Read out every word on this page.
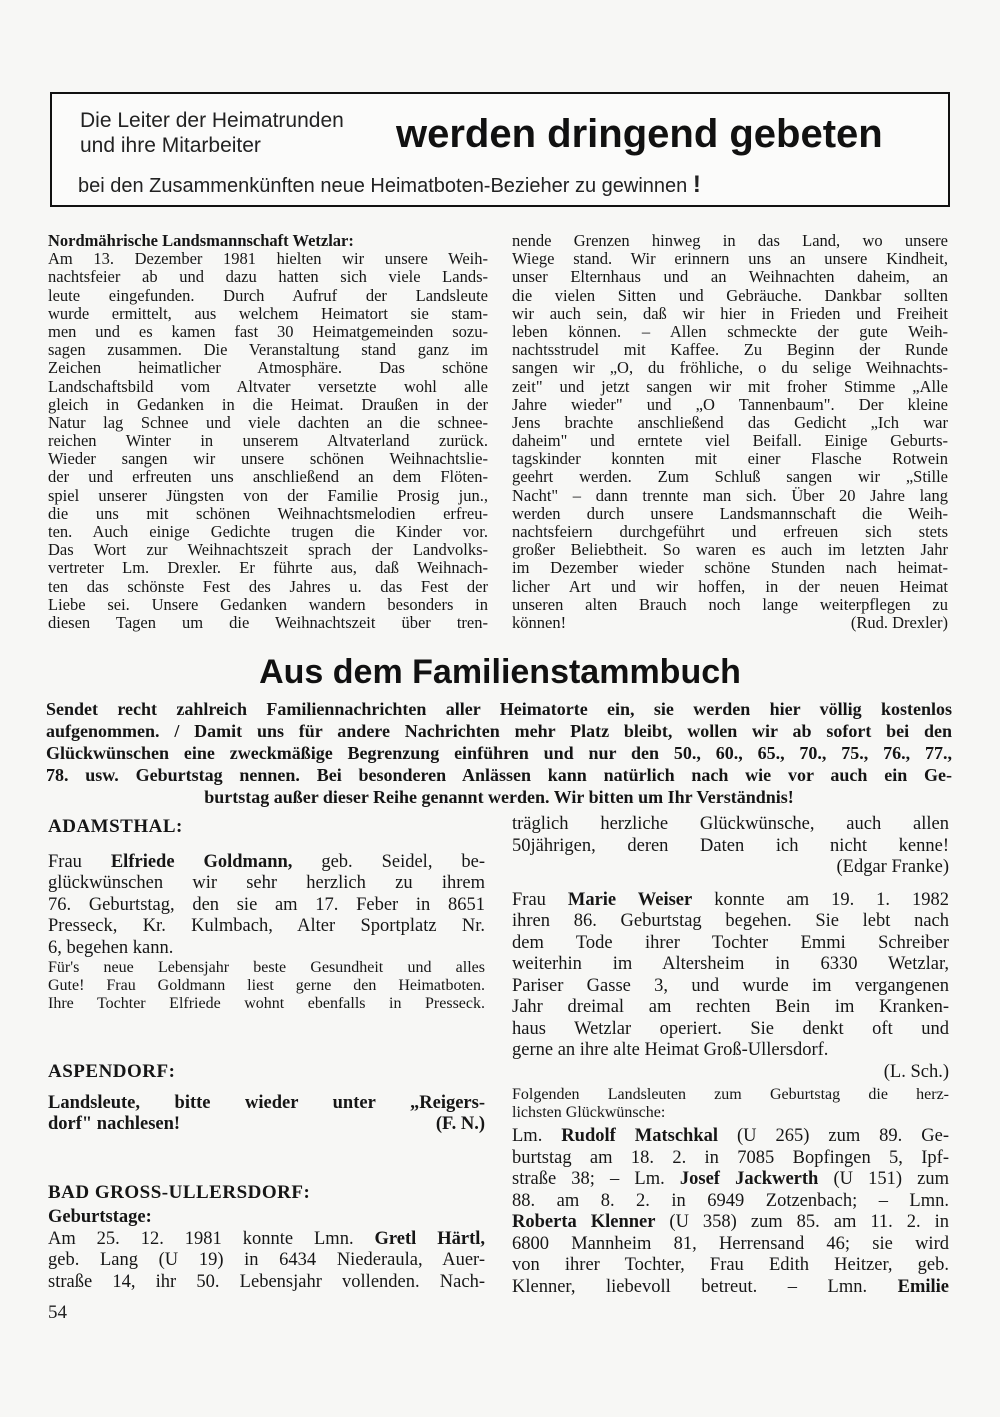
Die Leiter der Heimatrunden
und ihre Mitarbeiter	werden dringend gebeten
bei den Zusammenkünften neue Heimatboten-Bezieher zu gewinnen !
Nordmährische Landsmannschaft Wetzlar:
Am 13. Dezember 1981 hielten wir unsere Weih-
nachtsfeier ab und dazu hatten sich viele Lands-
leute eingefunden. Durch Aufruf der Landsleute
wurde ermittelt, aus welchem Heimatort sie stam-
men und es kamen fast 30 Heimatgemeinden sozu-
sagen zusammen. Die Veranstaltung stand ganz im
Zeichen heimatlicher Atmosphäre. Das schöne
Landschaftsbild vom Altvater versetzte wohl alle
gleich in Gedanken in die Heimat. Draußen in der
Natur lag Schnee und viele dachten an die schnee-
reichen Winter in unserem Altvaterland zurück.
Wieder sangen wir unsere schönen Weihnachtslie-
der und erfreuten uns anschließend an dem Flöten-
spiel unserer Jüngsten von der Familie Prosig jun.,
die uns mit schönen Weihnachtsmelodien erfreu-
ten. Auch einige Gedichte trugen die Kinder vor.
Das Wort zur Weihnachtszeit sprach der Landvolks-
vertreter Lm. Drexler. Er führte aus, daß Weihnach-
ten das schönste Fest des Jahres u. das Fest der
Liebe sei. Unsere Gedanken wandern besonders in
diesen Tagen um die Weihnachtszeit über tren-
nende Grenzen hinweg in das Land, wo unsere
Wiege stand. Wir erinnern uns an unsere Kindheit,
unser Elternhaus und an Weihnachten daheim, an
die vielen Sitten und Gebräuche. Dankbar sollten
wir auch sein, daß wir hier in Frieden und Freiheit
leben können. – Allen schmeckte der gute Weih-
nachtsstrudel mit Kaffee. Zu Beginn der Runde
sangen wir „O, du fröhliche, o du selige Weihnachts-
zeit" und jetzt sangen wir mit froher Stimme „Alle
Jahre wieder" und „O Tannenbaum". Der kleine
Jens brachte anschließend das Gedicht „Ich war
daheim" und erntete viel Beifall. Einige Geburts-
tagskinder konnten mit einer Flasche Rotwein
geehrt werden. Zum Schluß sangen wir „Stille
Nacht" – dann trennte man sich. Über 20 Jahre lang
werden durch unsere Landsmannschaft die Weih-
nachtsfeiern durchgeführt und erfreuen sich stets
großer Beliebtheit. So waren es auch im letzten Jahr
im Dezember wieder schöne Stunden nach heimat-
licher Art und wir hoffen, in der neuen Heimat
unseren alten Brauch noch lange weiterpflegen zu
können!	(Rud. Drexler)
Aus dem Familienstammbuch
Sendet recht zahlreich Familiennachrichten aller Heimatorte ein, sie werden hier völlig kostenlos
aufgenommen. / Damit uns für andere Nachrichten mehr Platz bleibt, wollen wir ab sofort bei den
Glückwünschen eine zweckmäßige Begrenzung einführen und nur den 50., 60., 65., 70., 75., 76., 77.,
78. usw. Geburtstag nennen. Bei besonderen Anlässen kann natürlich nach wie vor auch ein Ge-
burtstag außer dieser Reihe genannt werden. Wir bitten um Ihr Verständnis!
ADAMSTHAL:
Frau Elfriede Goldmann, geb. Seidel, be-
glückwünschen wir sehr herzlich zu ihrem
76. Geburtstag, den sie am 17. Feber in 8651
Presseck, Kr. Kulmbach, Alter Sportplatz Nr.
6, begehen kann.
Für's neue Lebensjahr beste Gesundheit und alles
Gute! Frau Goldmann liest gerne den Heimatboten.
Ihre Tochter Elfriede wohnt ebenfalls in Presseck.
ASPENDORF:
Landsleute, bitte wieder unter „Reigers-
dorf" nachlesen!	(F. N.)
BAD GROSS-ULLERSDORF:
Geburtstage:
Am 25. 12. 1981 konnte Lmn. Gretl Härtl,
geb. Lang (U 19) in 6434 Niederaula, Auer-
straße 14, ihr 50. Lebensjahr vollenden. Nach-
träglich herzliche Glückwünsche, auch allen
50jährigen, deren Daten ich nicht kenne!
(Edgar Franke)
Frau Marie Weiser konnte am 19. 1. 1982
ihren 86. Geburtstag begehen. Sie lebt nach
dem Tode ihrer Tochter Emmi Schreiber
weiterhin im Altersheim in 6330 Wetzlar,
Pariser Gasse 3, und wurde im vergangenen
Jahr dreimal am rechten Bein im Kranken-
haus Wetzlar operiert. Sie denkt oft und
gerne an ihre alte Heimat Groß-Ullersdorf.
(L. Sch.)
Folgenden Landsleuten zum Geburtstag die herz-
lichsten Glückwünsche:
Lm. Rudolf Matschkal (U 265) zum 89. Ge-
burtstag am 18. 2. in 7085 Bopfingen 5, Ipf-
straße 38; – Lm. Josef Jackwerth (U 151) zum
88. am 8. 2. in 6949 Zotzenbach; – Lmn.
Roberta Klenner (U 358) zum 85. am 11. 2. in
6800 Mannheim 81, Herrensand 46; sie wird
von ihrer Tochter, Frau Edith Heitzer, geb.
Klenner, liebevoll betreut. – Lmn. Emilie
54
